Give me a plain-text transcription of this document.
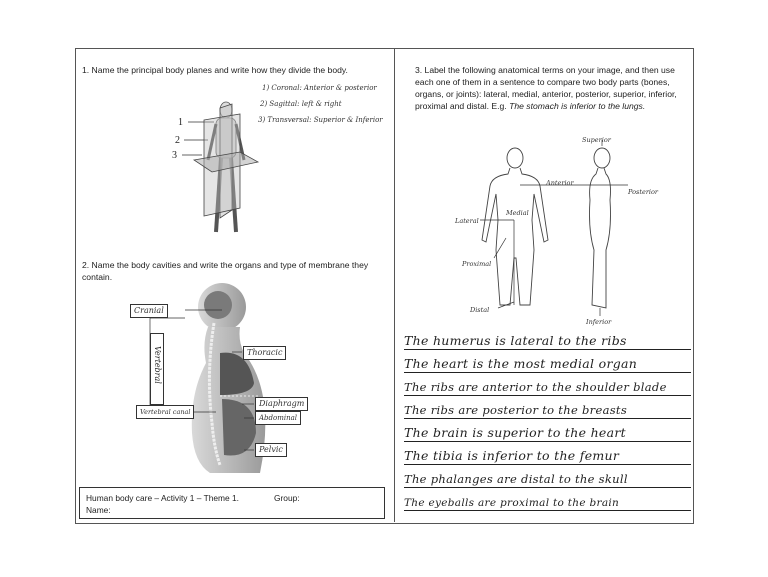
1. Name the principal body planes and write how they divide the body.
1) Coronal: Anterior & posterior
2) Sagittal: left & right
3) Transversal: Superior & Inferior
1
2
3
2. Name the body cavities and write the organs and type of membrane they contain.
Cranial
Vertebral
Vertebral canal
Thoracic
Diaphragm
Abdominal
Pelvic
Human body care – Activity 1 – Theme 1.	Group:
Name:
3. Label the following anatomical terms on your image, and then use each one of them in a sentence to compare two body parts (bones, organs, or joints): lateral, medial, anterior, posterior, superior, inferior, proximal and distal. E.g. The stomach is inferior to the lungs.
Superior
Anterior
Posterior
Lateral
Medial
Proximal
Distal
Inferior
The humerus is lateral to the ribs
The heart is the most medial organ
The ribs are anterior to the shoulder blade
The ribs are posterior to the breasts
The brain is superior to the heart
The tibia is inferior to the femur
The phalanges are distal to the skull
The eyeballs are proximal to the brain
